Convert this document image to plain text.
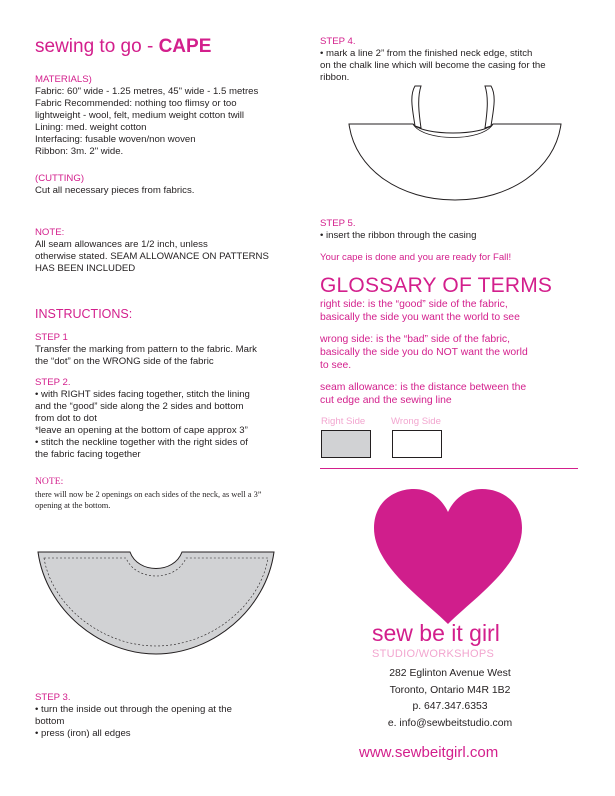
sewing to go - CAPE
MATERIALS)
Fabric: 60" wide - 1.25 metres, 45" wide - 1.5 metres
Fabric Recommended: nothing too flimsy or too
lightweight - wool, felt, medium weight cotton twill
Lining: med. weight cotton
Interfacing: fusable woven/non woven
Ribbon: 3m. 2" wide.
(CUTTING)
Cut all necessary pieces from fabrics.
NOTE:
All seam allowances are 1/2 inch, unless
otherwise stated. SEAM ALLOWANCE ON PATTERNS
HAS BEEN INCLUDED
INSTRUCTIONS:
STEP 1
Transfer the marking from pattern to the fabric. Mark
the “dot” on the WRONG side of the fabric
STEP 2.
• with RIGHT sides facing together, stitch the lining
and the “good” side along the 2 sides and bottom
from dot to dot
*leave an opening at the bottom of cape approx 3”
• stitch the neckline together with the right sides of
the fabric facing together
NOTE:
there will now be 2 openings on each sides of the neck, as well a 3”
opening at the bottom.
STEP 3.
• turn the inside out through the opening at the
bottom
• press (iron) all edges
STEP 4.
• mark a line 2” from the finished neck edge, stitch
on the chalk line which will become the casing for the
ribbon.
STEP 5.
• insert the ribbon through the casing
Your cape is done and you are ready for Fall!
GLOSSARY OF TERMS
right side: is the “good” side of the fabric,
basically the side you want the world to see
wrong side: is the “bad” side of the fabric,
basically the side you do NOT want the world
to see.
seam allowance: is the distance between the
cut edge and the sewing line
Right Side	Wrong Side
sew be it girl
STUDIO/WORKSHOPS
282 Eglinton Avenue West
Toronto, Ontario M4R 1B2
p. 647.347.6353
e. info@sewbeitstudio.com
www.sewbeitgirl.com
